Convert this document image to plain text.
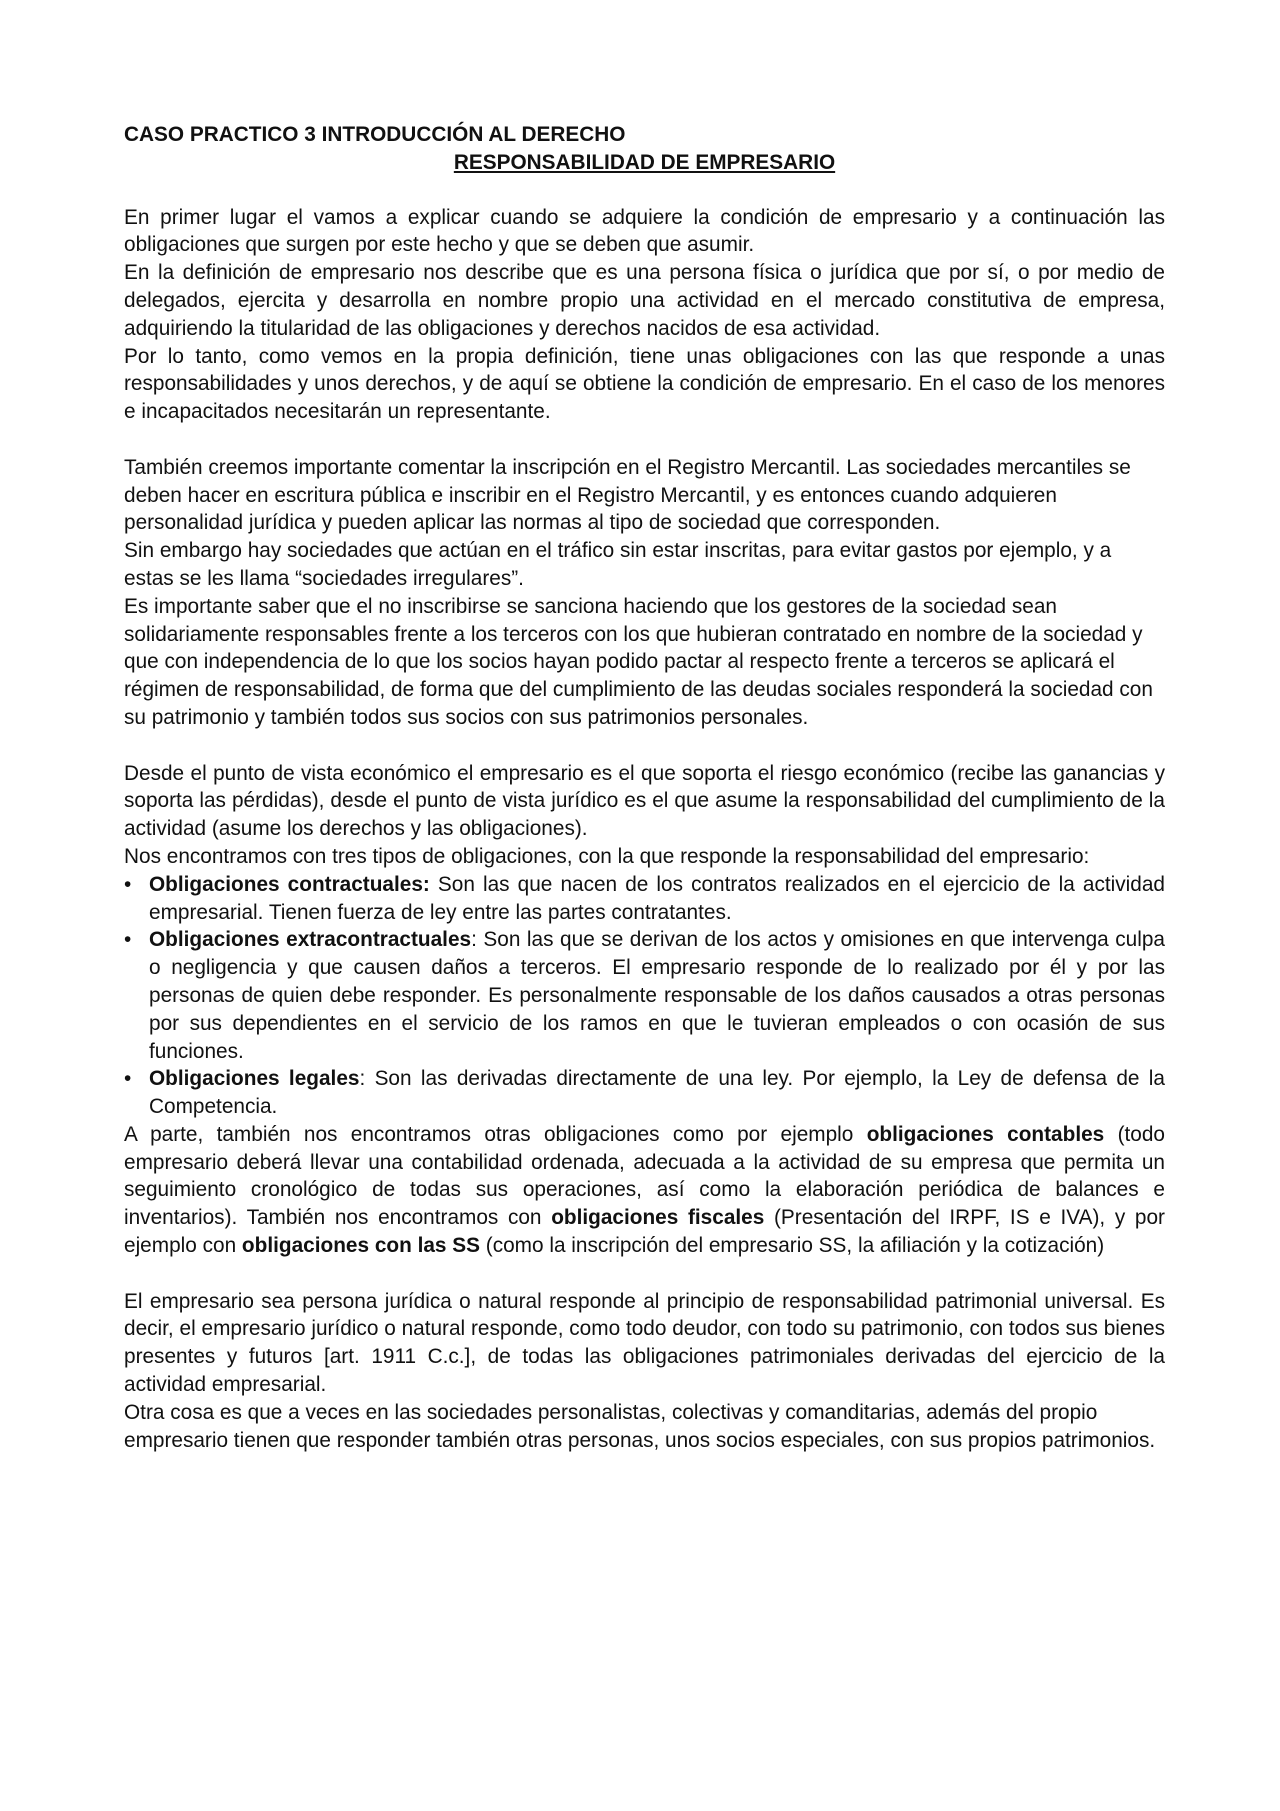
CASO PRACTICO 3 INTRODUCCIÓN AL DERECHO

RESPONSABILIDAD DE EMPRESARIO

En primer lugar el vamos a explicar cuando se adquiere la condición de empresario y a continuación las obligaciones que surgen por este hecho y que se deben que asumir.

En la definición de empresario nos describe que es una persona física o jurídica que por sí, o por medio de delegados, ejercita y desarrolla en nombre propio una actividad en el mercado constitutiva de empresa, adquiriendo la titularidad de las obligaciones y derechos nacidos de esa actividad.

Por lo tanto, como vemos en la propia definición, tiene unas obligaciones con las que responde a unas responsabilidades y unos derechos, y de aquí se obtiene la condición de empresario. En el caso de los menores e incapacitados necesitarán un representante.

También creemos importante comentar la inscripción en el Registro Mercantil. Las sociedades mercantiles se deben hacer en escritura pública e inscribir en el Registro Mercantil, y es entonces cuando adquieren personalidad jurídica y pueden aplicar las normas al tipo de sociedad que corresponden.

Sin embargo hay sociedades que actúan en el tráfico sin estar inscritas, para evitar gastos por ejemplo, y a estas se les llama “sociedades irregulares”.

Es importante saber que el no inscribirse se sanciona haciendo que los gestores de la sociedad sean solidariamente responsables frente a los terceros con los que hubieran contratado en nombre de la sociedad y que con independencia de lo que los socios hayan podido pactar al respecto frente a terceros se aplicará el régimen de responsabilidad, de forma que del cumplimiento de las deudas sociales responderá la sociedad con su patrimonio y también todos sus socios con sus patrimonios personales.

Desde el punto de vista económico el empresario es el que soporta el riesgo económico (recibe las ganancias y soporta las pérdidas), desde el punto de vista jurídico es el que asume la responsabilidad del cumplimiento de la actividad (asume los derechos y las obligaciones).

Nos encontramos con tres tipos de obligaciones, con la que responde la responsabilidad del empresario:

• Obligaciones contractuales: Son las que nacen de los contratos realizados en el ejercicio de la actividad empresarial. Tienen fuerza de ley entre las partes contratantes.
• Obligaciones extracontractuales: Son las que se derivan de los actos y omisiones en que intervenga culpa o negligencia y que causen daños a terceros. El empresario responde de lo realizado por él y por las personas de quien debe responder. Es personalmente responsable de los daños causados a otras personas por sus dependientes en el servicio de los ramos en que le tuvieran empleados o con ocasión de sus funciones.
• Obligaciones legales: Son las derivadas directamente de una ley. Por ejemplo, la Ley de defensa de la Competencia.

A parte, también nos encontramos otras obligaciones como por ejemplo obligaciones contables (todo empresario deberá llevar una contabilidad ordenada, adecuada a la actividad de su empresa que permita un seguimiento cronológico de todas sus operaciones, así como la elaboración periódica de balances e inventarios). También nos encontramos con obligaciones fiscales (Presentación del IRPF, IS e IVA), y por ejemplo con obligaciones con las SS (como la inscripción del empresario SS, la afiliación y la cotización)

El empresario sea persona jurídica o natural responde al principio de responsabilidad patrimonial universal. Es decir, el empresario jurídico o natural responde, como todo deudor, con todo su patrimonio, con todos sus bienes presentes y futuros [art. 1911 C.c.], de todas las obligaciones patrimoniales derivadas del ejercicio de la actividad empresarial.

Otra cosa es que a veces en las sociedades personalistas, colectivas y comanditarias, además del propio empresario tienen que responder también otras personas, unos socios especiales, con sus propios patrimonios.
